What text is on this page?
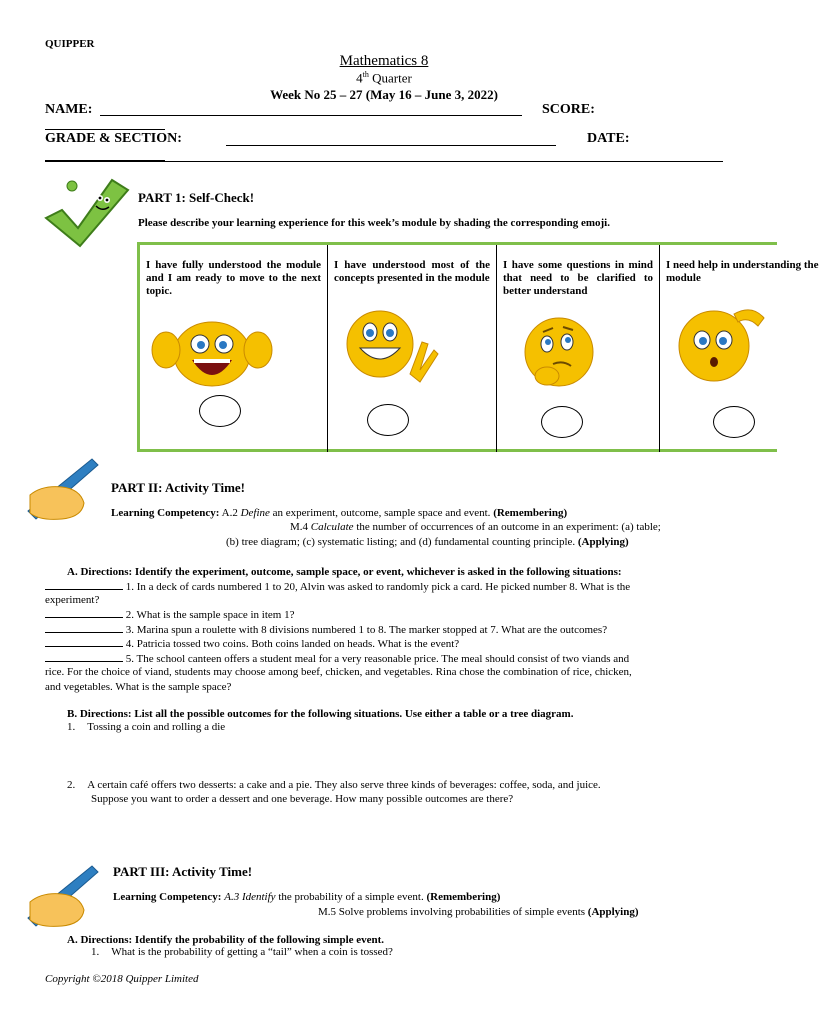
QUIPPER
Mathematics 8
4th Quarter
Week No 25 – 27 (May 16 – June 3, 2022)
NAME:	SCORE:
GRADE & SECTION:	DATE:
PART 1: Self-Check!
Please describe your learning experience for this week’s module by shading the corresponding emoji.
I have fully understood the module and I am ready to move to the next topic.
I have understood most of the concepts presented in the module
I have some questions in mind that need to be clarified to better understand
I need help in understanding the module
PART II: Activity Time!
Learning Competency: A.2 Define an experiment, outcome, sample space and event. (Remembering)
M.4 Calculate the number of occurrences of an outcome in an experiment: (a) table;
(b) tree diagram; (c) systematic listing; and (d) fundamental counting principle. (Applying)
A. Directions: Identify the experiment, outcome, sample space, or event, whichever is asked in the following situations:
1. In a deck of cards numbered 1 to 20, Alvin was asked to randomly pick a card. He picked number 8. What is the
experiment?
2. What is the sample space in item 1?
3. Marina spun a roulette with 8 divisions numbered 1 to 8. The marker stopped at 7. What are the outcomes?
4. Patricia tossed two coins. Both coins landed on heads. What is the event?
5. The school canteen offers a student meal for a very reasonable price. The meal should consist of two viands and
rice. For the choice of viand, students may choose among beef, chicken, and vegetables. Rina chose the combination of rice, chicken,
and vegetables. What is the sample space?
B. Directions: List all the possible outcomes for the following situations. Use either a table or a tree diagram.
1. Tossing a coin and rolling a die
2. A certain café offers two desserts: a cake and a pie. They also serve three kinds of beverages: coffee, soda, and juice.
Suppose you want to order a dessert and one beverage. How many possible outcomes are there?
PART III: Activity Time!
Learning Competency: A.3 Identify the probability of a simple event. (Remembering)
M.5 Solve problems involving probabilities of simple events (Applying)
A. Directions: Identify the probability of the following simple event.
1. What is the probability of getting a “tail” when a coin is tossed?
Copyright ©2018 Quipper Limited
